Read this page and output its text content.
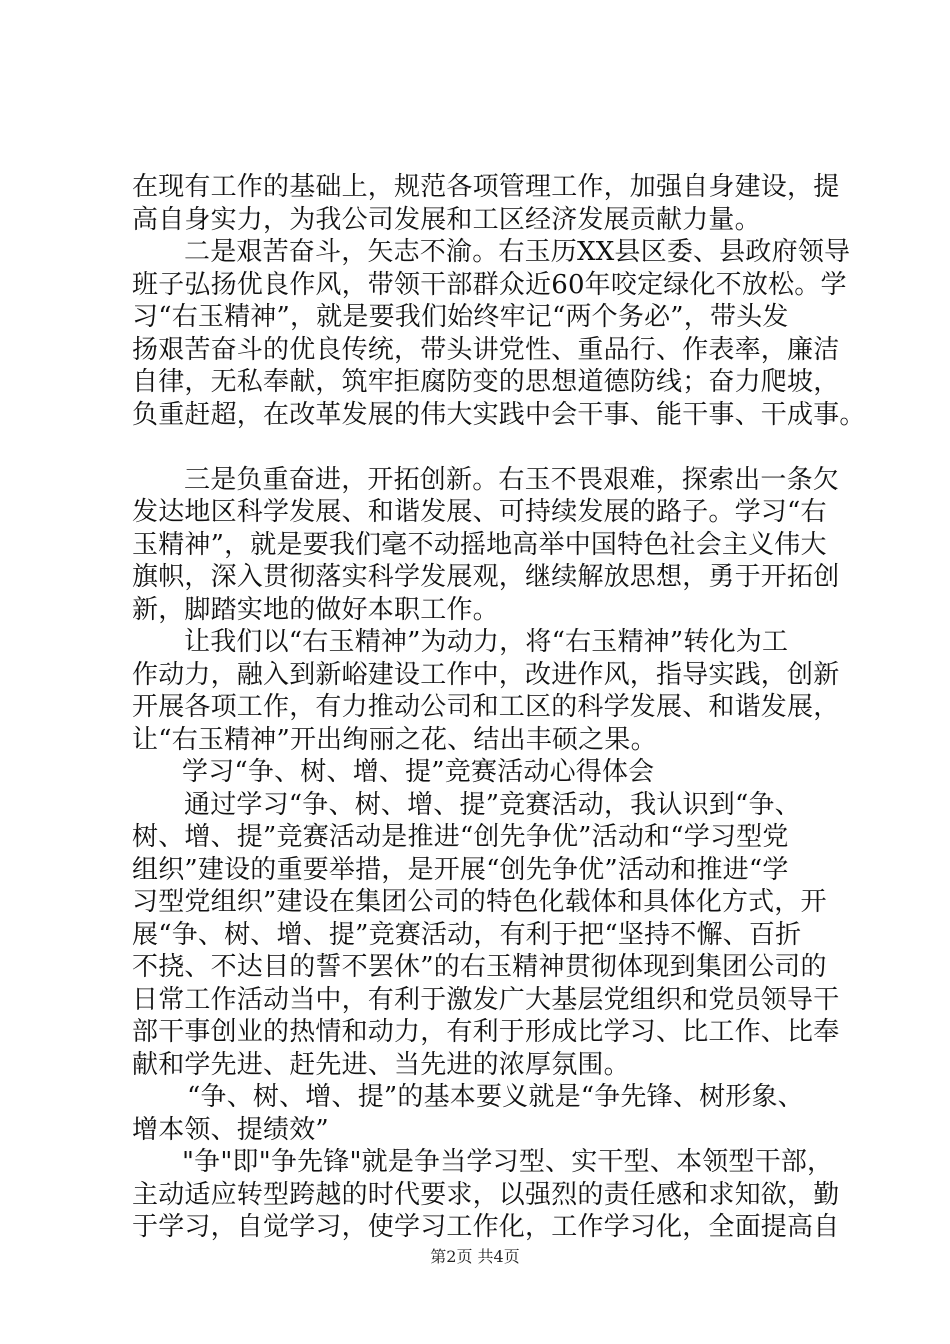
在现有工作的基础上，规范各项管理工作，加强自身建设，提
高自身实力，为我公司发展和工区经济发展贡献力量。
二是艰苦奋斗，矢志不渝。右玉历XX县区委、县政府领导
班子弘扬优良作风，带领干部群众近60年咬定绿化不放松。学
习“右玉精神”，就是要我们始终牢记“两个务必”，带头发
扬艰苦奋斗的优良传统，带头讲党性、重品行、作表率，廉洁
自律，无私奉献，筑牢拒腐防变的思想道德防线；奋力爬坡，
负重赶超，在改革发展的伟大实践中会干事、能干事、干成事。
三是负重奋进，开拓创新。右玉不畏艰难，探索出一条欠
发达地区科学发展、和谐发展、可持续发展的路子。学习“右
玉精神”，就是要我们毫不动摇地高举中国特色社会主义伟大
旗帜，深入贯彻落实科学发展观，继续解放思想，勇于开拓创
新，脚踏实地的做好本职工作。
让我们以“右玉精神”为动力，将“右玉精神”转化为工
作动力，融入到新峪建设工作中，改进作风，指导实践，创新
开展各项工作，有力推动公司和工区的科学发展、和谐发展，
让“右玉精神”开出绚丽之花、结出丰硕之果。
学习“争、树、增、提”竞赛活动心得体会
通过学习“争、树、增、提”竞赛活动，我认识到“争、
树、增、提”竞赛活动是推进“创先争优”活动和“学习型党
组织”建设的重要举措，是开展“创先争优”活动和推进“学
习型党组织”建设在集团公司的特色化载体和具体化方式，开
展“争、树、增、提”竞赛活动，有利于把“坚持不懈、百折
不挠、不达目的誓不罢休”的右玉精神贯彻体现到集团公司的
日常工作活动当中，有利于激发广大基层党组织和党员领导干
部干事创业的热情和动力，有利于形成比学习、比工作、比奉
献和学先进、赶先进、当先进的浓厚氛围。
“争、树、增、提”的基本要义就是“争先锋、树形象、
增本领、提绩效”
"争"即"争先锋"就是争当学习型、实干型、本领型干部，
主动适应转型跨越的时代要求，以强烈的责任感和求知欲，勤
于学习，自觉学习，使学习工作化，工作学习化，全面提高自
第2页 共4页
